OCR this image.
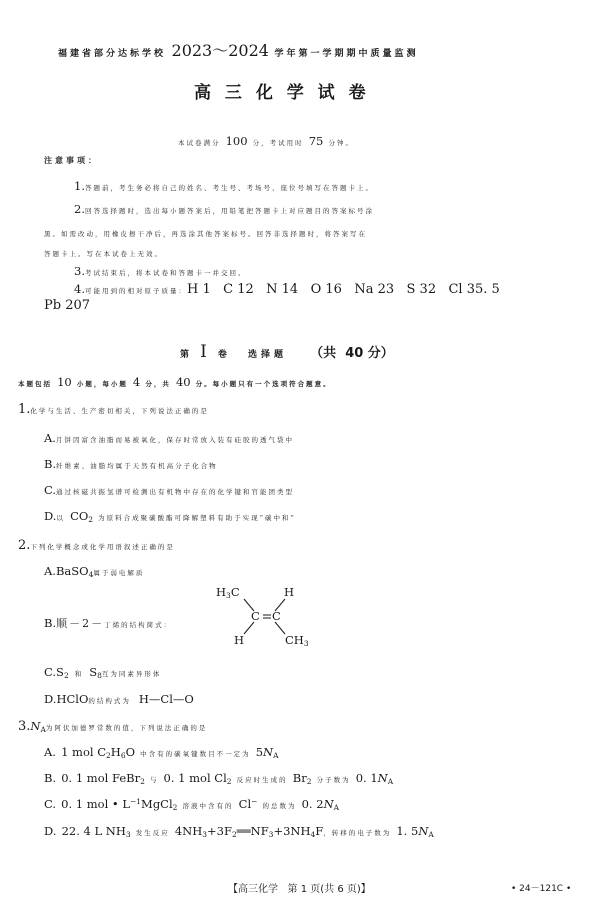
福建省部分达标学校 2023～2024 学年第一学期期中质量监测
高 三 化 学 试 卷
本试卷满分 100 分，考试用时 75 分钟。
注意事项：
1.答题前，考生务必将自己的姓名、考生号、考场号、座位号填写在答题卡上。
2.回答选择题时，选出每小题答案后，用铅笔把答题卡上对应题目的答案标号涂
黑。如需改动，用橡皮擦干净后，再选涂其他答案标号。回答非选择题时，将答案写在
答题卡上。写在本试卷上无效。
3.考试结束后，将本试卷和答题卡一并交回。
4.可能用到的相对原子质量：H 1   C 12   N 14   O 16   Na 23   S 32   Cl 35. 5
Pb 207
第 Ⅰ 卷 选择题 （共  40 分）
本题包括 10 小题，每小题 4 分，共 40 分。每小题只有一个选项符合题意。
1.化学与生活、生产密切相关，下列说法正确的是
A.月饼因富含油脂而易被氧化，保存时常放入装有硅胶的透气袋中
B.纤维素、油脂均属于天然有机高分子化合物
C.通过核磁共振氢谱可检测出有机物中存在的化学键和官能团类型
D.以 $CO_2$ 为原料合成聚碳酸酯可降解塑料有助于实现“碳中和”
2.下列化学概念或化学用语叙述正确的是
A.BaSO$_4$属于弱电解质
B.顺－2－丁烯的结构简式：
$H_3C$	H
C C
H	$CH_3$
$C.S_2$ 和 $S_8$互为同素异形体
D.HClO的结构式为 H—Cl—O
$3.N_A$为阿伏加德罗常数的值，下列说法正确的是
A. 1 mol $C_2H_6O$ 中含有的碳氧键数目不一定为 $5N_A$
B. 0. 1 mol FeBr$_2$ 与 0. 1 mol $Cl_2$ 反应时生成的 $Br_2$ 分子数为 0. $1N_A$
C. 0. 1 mol • $L^{-1}MgCl_2$ 溶液中含有的 Cl− 的总数为 0. $2N_A$
D. 22. 4 L $NH_3$ 发生反应 $4NH_3+3F_2══NF_3+3NH_4F$，转移的电子数为 1. $5N_A$
【高三化学   第 1 页(共 6 页)】	• 24－121C •
